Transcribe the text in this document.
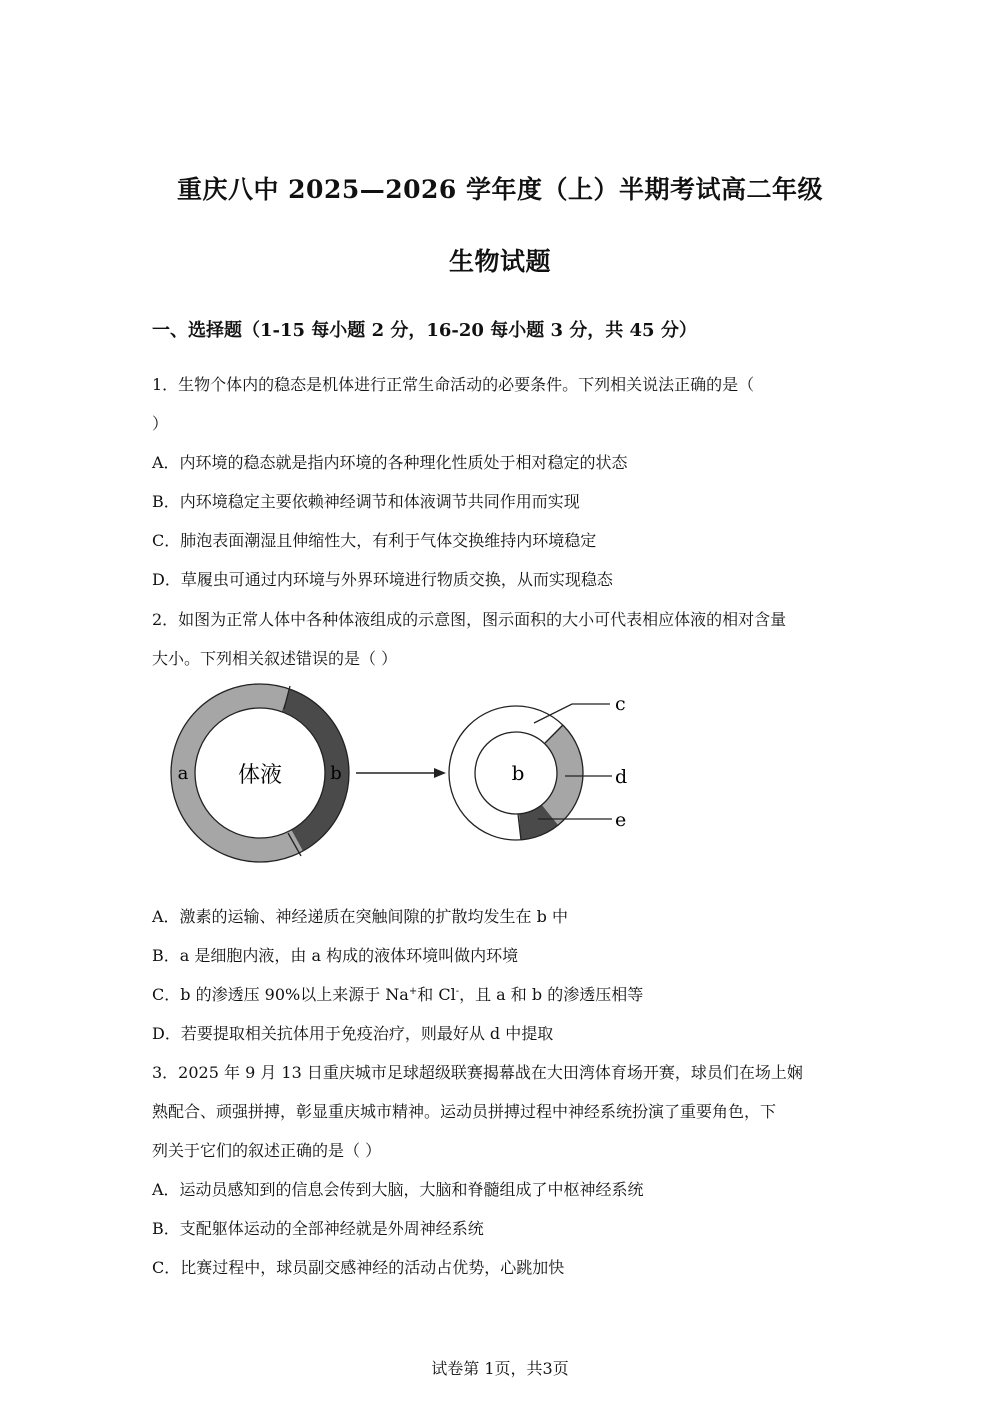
重庆八中 2025—2026 学年度（上）半期考试高二年级
生物试题
一、选择题（1-15 每小题 2 分，16-20 每小题 3 分，共 45 分）
1．生物个体内的稳态是机体进行正常生命活动的必要条件。下列相关说法正确的是（
）
A．内环境的稳态就是指内环境的各种理化性质处于相对稳定的状态
B．内环境稳定主要依赖神经调节和体液调节共同作用而实现
C．肺泡表面潮湿且伸缩性大，有利于气体交换维持内环境稳定
D．草履虫可通过内环境与外界环境进行物质交换，从而实现稳态
2．如图为正常人体中各种体液组成的示意图，图示面积的大小可代表相应体液的相对含量
大小。下列相关叙述错误的是（ ）
体液
a	b	b
c
d
e
A．激素的运输、神经递质在突触间隙的扩散均发生在 b 中
B．a 是细胞内液，由 a 构成的液体环境叫做内环境
C．b 的渗透压 90%以上来源于 Na+和 Cl-，且 a 和 b 的渗透压相等
D．若要提取相关抗体用于免疫治疗，则最好从 d 中提取
3．2025 年 9 月 13 日重庆城市足球超级联赛揭幕战在大田湾体育场开赛，球员们在场上娴
熟配合、顽强拼搏，彰显重庆城市精神。运动员拼搏过程中神经系统扮演了重要角色，下
列关于它们的叙述正确的是（ ）
A．运动员感知到的信息会传到大脑，大脑和脊髓组成了中枢神经系统
B．支配躯体运动的全部神经就是外周神经系统
C．比赛过程中，球员副交感神经的活动占优势，心跳加快
试卷第 1页，共3页
